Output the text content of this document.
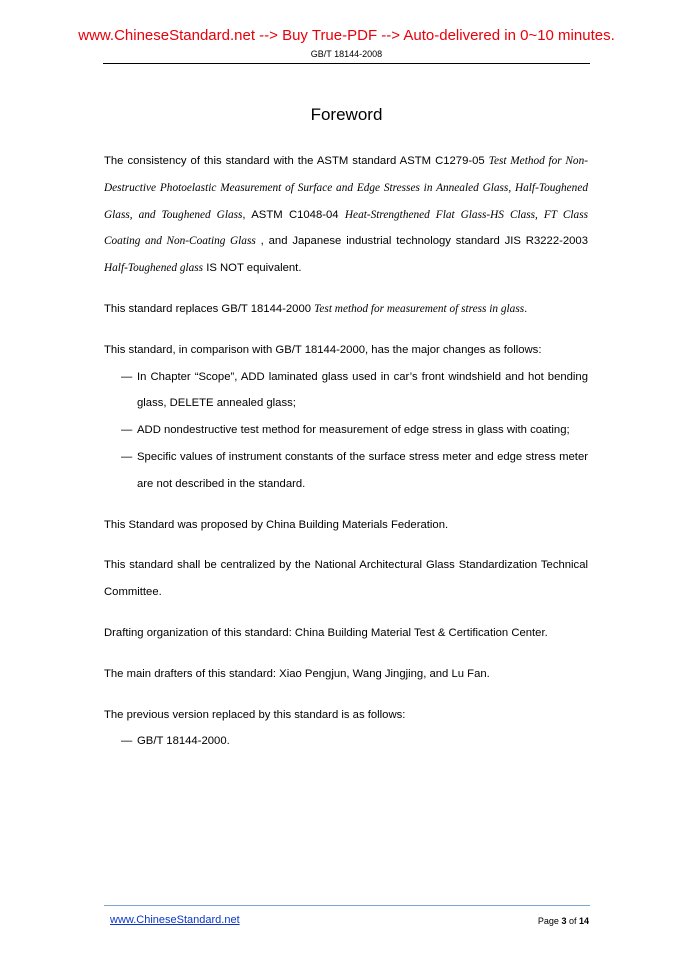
www.ChineseStandard.net --> Buy True-PDF --> Auto-delivered in 0~10 minutes.
GB/T 18144-2008
Foreword

The consistency of this standard with the ASTM standard ASTM C1279-05 Test Method for Non-Destructive Photoelastic Measurement of Surface and Edge Stresses in Annealed Glass, Half-Toughened Glass, and Toughened Glass, ASTM C1048-04 Heat-Strengthened Flat Glass-HS Class, FT Class Coating and Non-Coating Glass , and Japanese industrial technology standard JIS R3222-2003 Half-Toughened glass IS NOT equivalent.

This standard replaces GB/T 18144-2000 Test method for measurement of stress in glass.

This standard, in comparison with GB/T 18144-2000, has the major changes as follows:
— In Chapter “Scope”, ADD laminated glass used in car’s front windshield and hot bending glass, DELETE annealed glass;
— ADD nondestructive test method for measurement of edge stress in glass with coating;
— Specific values of instrument constants of the surface stress meter and edge stress meter are not described in the standard.

This Standard was proposed by China Building Materials Federation.

This standard shall be centralized by the National Architectural Glass Standardization Technical Committee.

Drafting organization of this standard: China Building Material Test & Certification Center.

The main drafters of this standard: Xiao Pengjun, Wang Jingjing, and Lu Fan.

The previous version replaced by this standard is as follows:
— GB/T 18144-2000.
www.ChineseStandard.net	Page 3 of 14
